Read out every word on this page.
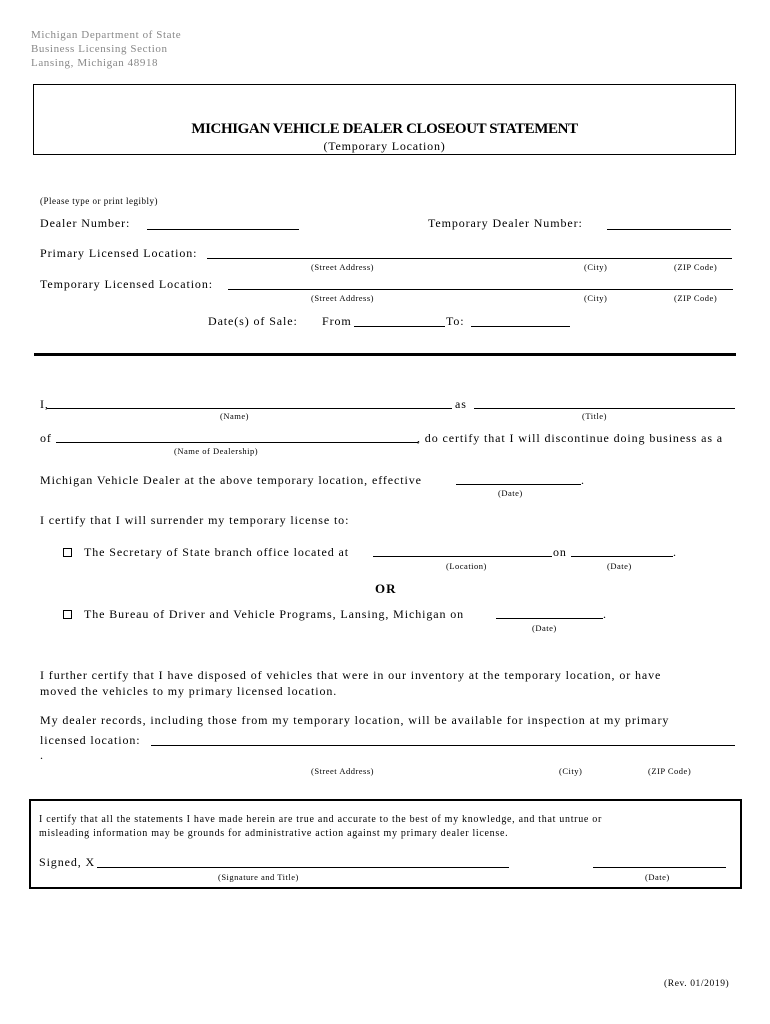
Michigan Department of State
Business Licensing Section
Lansing, Michigan 48918
MICHIGAN VEHICLE DEALER CLOSEOUT STATEMENT
(Temporary Location)
(Please type or print legibly)
Dealer Number:	Temporary Dealer Number:
Primary Licensed Location:
(Street Address)	(City)	(ZIP Code)
Temporary Licensed Location:
(Street Address)	(City)	(ZIP Code)
Date(s) of Sale: From	To:
I,	as
(Name)	(Title)
of	, do certify that I will discontinue doing business as a
(Name of Dealership)
Michigan Vehicle Dealer at the above temporary location, effective	.
(Date)
I certify that I will surrender my temporary license to:
The Secretary of State branch office located at	on	.
(Location)	(Date)
OR
The Bureau of Driver and Vehicle Programs, Lansing, Michigan on	.
(Date)
I further certify that I have disposed of vehicles that were in our inventory at the temporary location, or have
moved the vehicles to my primary licensed location.
My dealer records, including those from my temporary location, will be available for inspection at my primary
licensed location:
.
(Street Address)	(City)	(ZIP Code)
I certify that all the statements I have made herein are true and accurate to the best of my knowledge, and that untrue or
misleading information may be grounds for administrative action against my primary dealer license.
Signed, X
(Signature and Title)	(Date)
(Rev. 01/2019)
